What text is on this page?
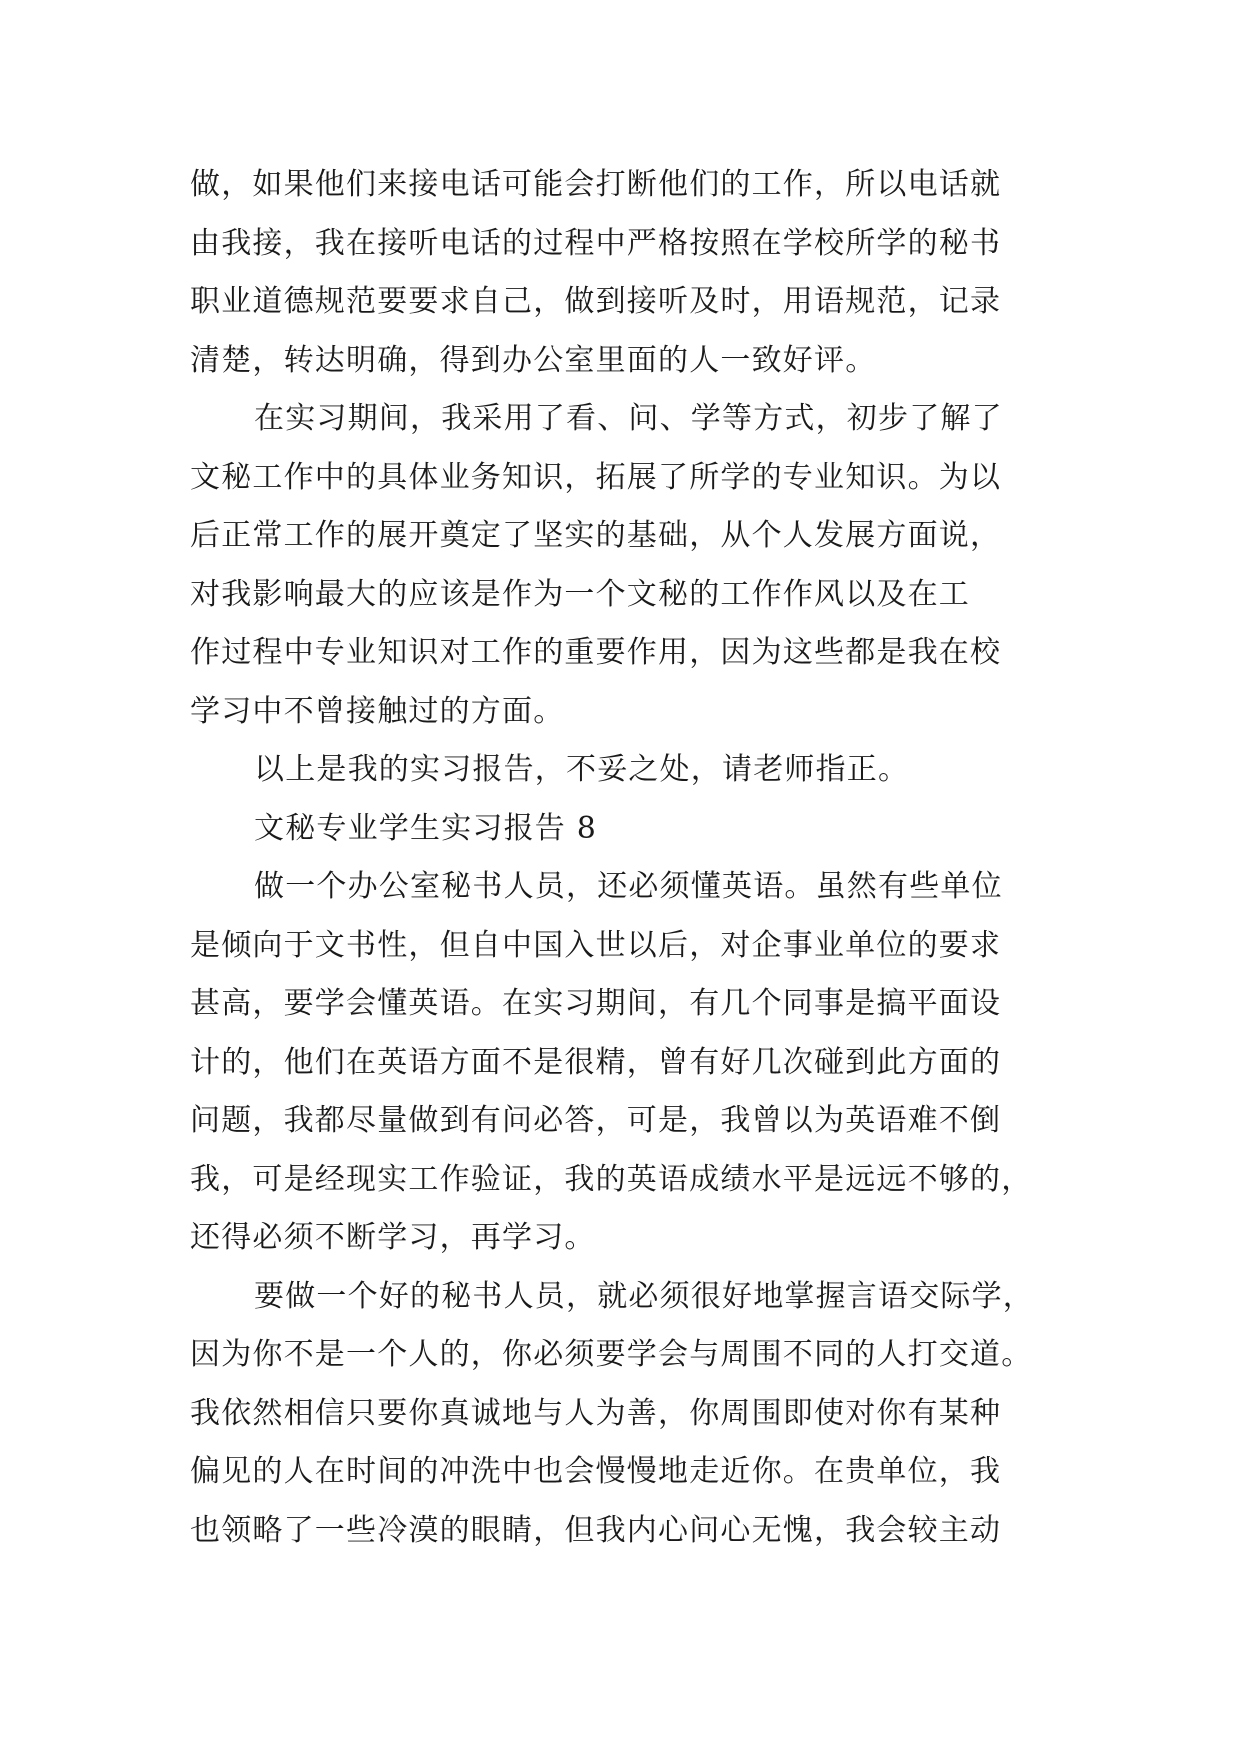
做，如果他们来接电话可能会打断他们的工作，所以电话就
由我接，我在接听电话的过程中严格按照在学校所学的秘书
职业道德规范要要求自己，做到接听及时，用语规范，记录
清楚，转达明确，得到办公室里面的人一致好评。
在实习期间，我采用了看、问、学等方式，初步了解了
文秘工作中的具体业务知识，拓展了所学的专业知识。为以
后正常工作的展开奠定了坚实的基础，从个人发展方面说，
对我影响最大的应该是作为一个文秘的工作作风以及在工
作过程中专业知识对工作的重要作用，因为这些都是我在校
学习中不曾接触过的方面。
以上是我的实习报告，不妥之处，请老师指正。
文秘专业学生实习报告 8
做一个办公室秘书人员，还必须懂英语。虽然有些单位
是倾向于文书性，但自中国入世以后，对企事业单位的要求
甚高，要学会懂英语。在实习期间，有几个同事是搞平面设
计的，他们在英语方面不是很精，曾有好几次碰到此方面的
问题，我都尽量做到有问必答，可是，我曾以为英语难不倒
我，可是经现实工作验证，我的英语成绩水平是远远不够的，
还得必须不断学习，再学习。
要做一个好的秘书人员，就必须很好地掌握言语交际学，
因为你不是一个人的，你必须要学会与周围不同的人打交道。
我依然相信只要你真诚地与人为善，你周围即使对你有某种
偏见的人在时间的冲洗中也会慢慢地走近你。在贵单位，我
也领略了一些冷漠的眼睛，但我内心问心无愧，我会较主动
